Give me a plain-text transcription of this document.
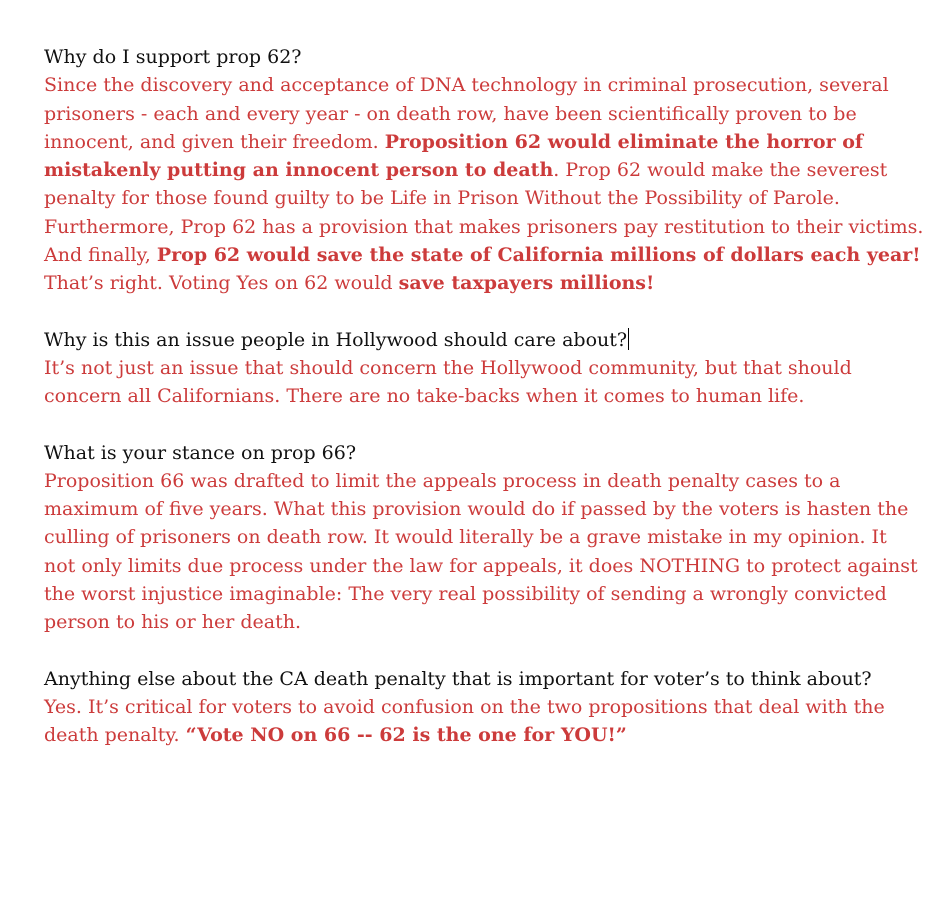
Why do I support prop 62?

Since the discovery and acceptance of DNA technology in criminal prosecution, several prisoners - each and every year - on death row, have been scientifically proven to be innocent, and given their freedom. Proposition 62 would eliminate the horror of mistakenly putting an innocent person to death. Prop 62 would make the severest penalty for those found guilty to be Life in Prison Without the Possibility of Parole.

Furthermore, Prop 62 has a provision that makes prisoners pay restitution to their victims.

And finally, Prop 62 would save the state of California millions of dollars each year! That’s right. Voting Yes on 62 would save taxpayers millions!

Why is this an issue people in Hollywood should care about?

It’s not just an issue that should concern the Hollywood community, but that should concern all Californians. There are no take-backs when it comes to human life.

What is your stance on prop 66?

Proposition 66 was drafted to limit the appeals process in death penalty cases to a maximum of five years. What this provision would do if passed by the voters is hasten the culling of prisoners on death row. It would literally be a grave mistake in my opinion. It not only limits due process under the law for appeals, it does NOTHING to protect against the worst injustice imaginable: The very real possibility of sending a wrongly convicted person to his or her death.

Anything else about the CA death penalty that is important for voter’s to think about?

Yes. It’s critical for voters to avoid confusion on the two propositions that deal with the death penalty. “Vote NO on 66 -- 62 is the one for YOU!”
